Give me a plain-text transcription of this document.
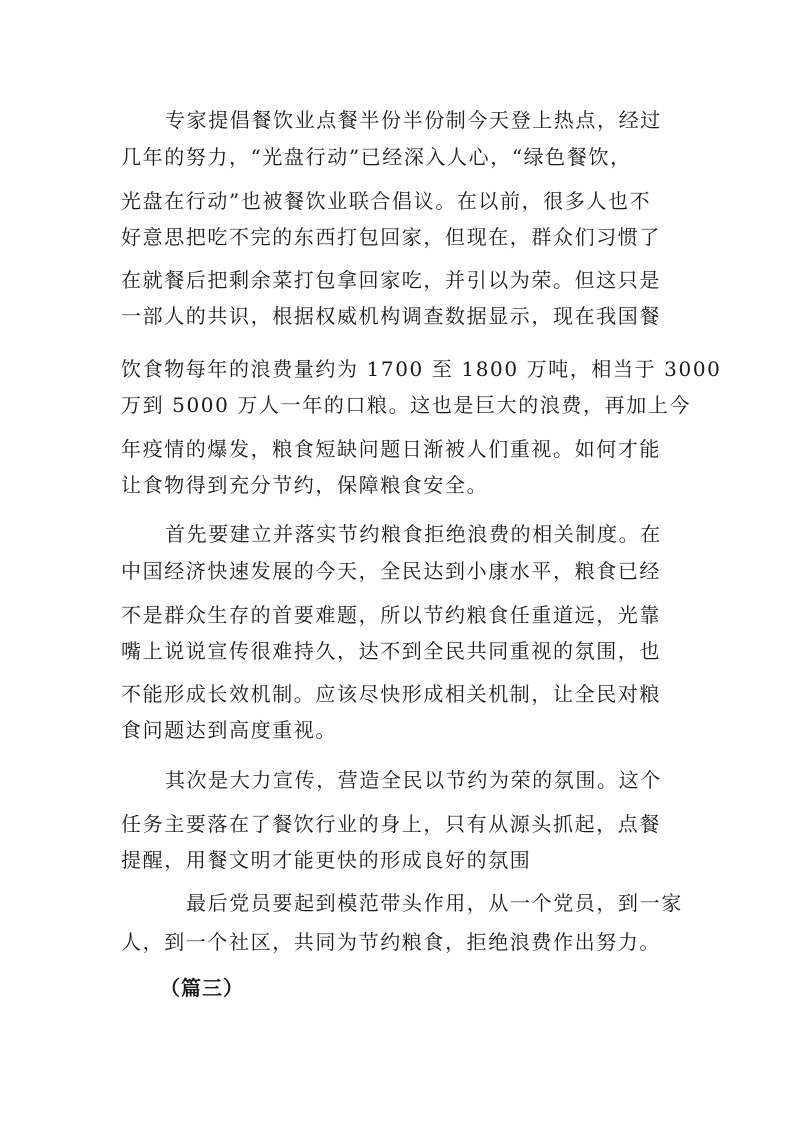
专家提倡餐饮业点餐半份半份制今天登上热点，经过
几年的努力，“光盘行动”已经深入人心，“绿色餐饮，
光盘在行动”也被餐饮业联合倡议。在以前，很多人也不
好意思把吃不完的东西打包回家，但现在，群众们习惯了
在就餐后把剩余菜打包拿回家吃，并引以为荣。但这只是
一部人的共识，根据权威机构调查数据显示，现在我国餐
饮食物每年的浪费量约为 1700 至 1800 万吨，相当于 3000
万到 5000 万人一年的口粮。这也是巨大的浪费，再加上今
年疫情的爆发，粮食短缺问题日渐被人们重视。如何才能
让食物得到充分节约，保障粮食安全。
首先要建立并落实节约粮食拒绝浪费的相关制度。在
中国经济快速发展的今天，全民达到小康水平，粮食已经
不是群众生存的首要难题，所以节约粮食任重道远，光靠
嘴上说说宣传很难持久，达不到全民共同重视的氛围，也
不能形成长效机制。应该尽快形成相关机制，让全民对粮
食问题达到高度重视。
其次是大力宣传，营造全民以节约为荣的氛围。这个
任务主要落在了餐饮行业的身上，只有从源头抓起，点餐
提醒，用餐文明才能更快的形成良好的氛围
最后党员要起到模范带头作用，从一个党员，到一家
人，到一个社区，共同为节约粮食，拒绝浪费作出努力。
（篇三）
